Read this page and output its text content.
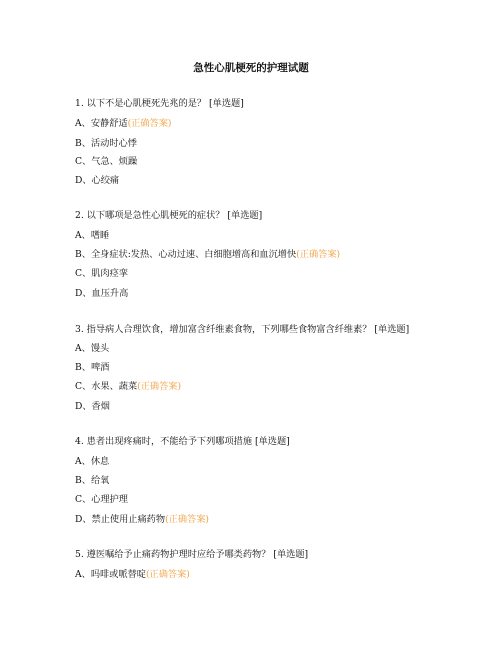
急性心肌梗死的护理试题
1. 以下不是心肌梗死先兆的是？ [单选题]
A、安静舒适(正确答案)
B、活动时心悸
C、气急、烦躁
D、心绞痛
2. 以下哪项是急性心肌梗死的症状？ [单选题]
A、嗜睡
B、全身症状:发热、心动过速、白细胞增高和血沉增快(正确答案)
C、肌肉痉挛
D、血压升高
3. 指导病人合理饮食，增加富含纤维素食物，下列哪些食物富含纤维素？ [单选题]
A、馒头
B、啤酒
C、水果、蔬菜(正确答案)
D、香烟
4. 患者出现疼痛时，不能给予下列哪项措施 [单选题]
A、休息
B、给氧
C、心理护理
D、禁止使用止痛药物(正确答案)
5. 遵医嘱给予止痛药物护理时应给予哪类药物？ [单选题]
A、吗啡或哌替啶(正确答案)
